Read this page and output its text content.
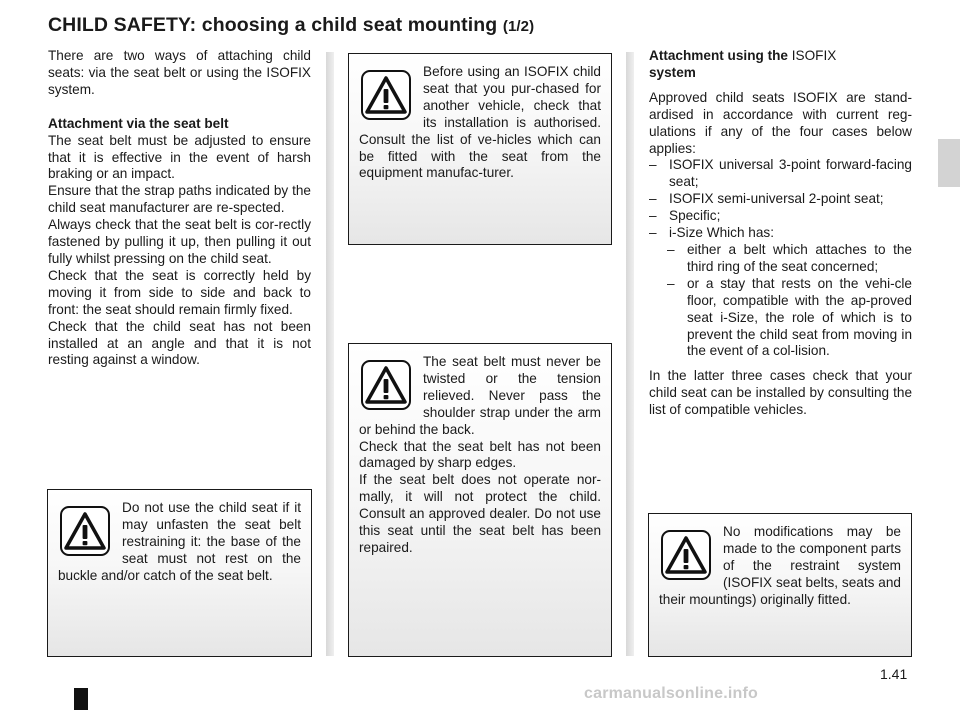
CHILD SAFETY: choosing a child seat mounting (1/2)

There are two ways of attaching child seats: via the seat belt or using the ISOFIX system.

Attachment via the seat belt

The seat belt must be adjusted to ensure that it is effective in the event of harsh braking or an impact.

Ensure that the strap paths indicated by the child seat manufacturer are re-spected.

Always check that the seat belt is cor-rectly fastened by pulling it up, then pulling it out fully whilst pressing on the child seat.

Check that the seat is correctly held by moving it from side to side and back to front: the seat should remain firmly fixed.

Check that the child seat has not been installed at an angle and that it is not resting against a window.

Do not use the child seat if it may unfasten the seat belt restraining it: the base of the seat must not rest on the buckle and/or catch of the seat belt.
Before using an ISOFIX child seat that you pur-chased for another vehicle, check that its installation is authorised. Consult the list of ve-hicles which can be fitted with the seat from the equipment manufac-turer.
The seat belt must never be twisted or the tension relieved. Never pass the shoulder strap under the arm or behind the back.
Check that the seat belt has not been damaged by sharp edges.
If the seat belt does not operate nor-mally, it will not protect the child. Consult an approved dealer. Do not use this seat until the seat belt has been repaired.

Attachment using the ISOFIX
system

Approved child seats ISOFIX are stand-ardised in accordance with current reg-ulations if any of the four cases below applies:

– ISOFIX universal 3-point forward-facing seat;
– ISOFIX semi-universal 2-point seat;
– Specific;
– i-Size Which has:
– either a belt which attaches to the third ring of the seat concerned;
– or a stay that rests on the vehi-cle floor, compatible with the ap-proved seat i-Size, the role of which is to prevent the child seat from moving in the event of a col-lision.

In the latter three cases check that your child seat can be installed by consulting the list of compatible vehicles.

No modifications may be made to the component parts of the restraint system (ISOFIX seat belts, seats and their mountings) originally fitted.
1.41
carmanualsonline.info
